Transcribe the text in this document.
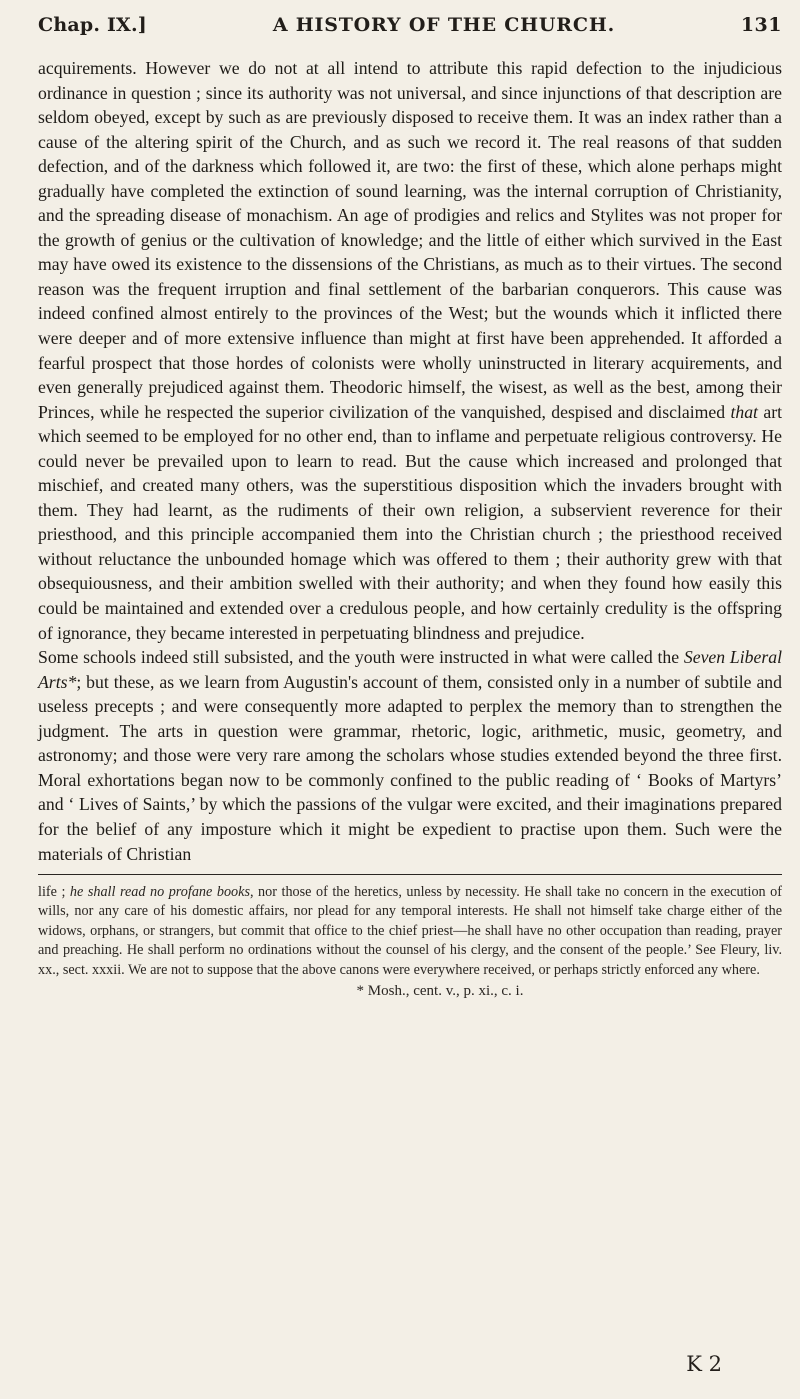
Chap. IX.]	A HISTORY OF THE CHURCH.	131

acquirements. However we do not at all intend to attribute this rapid defection to the injudicious ordinance in question ; since its authority was not universal, and since injunctions of that description are seldom obeyed, except by such as are previously disposed to receive them. It was an index rather than a cause of the altering spirit of the Church, and as such we record it. The real reasons of that sudden defection, and of the darkness which followed it, are two: the first of these, which alone perhaps might gradually have completed the extinction of sound learning, was the internal corruption of Christianity, and the spreading disease of monachism. An age of prodigies and relics and Stylites was not proper for the growth of genius or the cultivation of knowledge; and the little of either which survived in the East may have owed its existence to the dissensions of the Christians, as much as to their virtues. The second reason was the frequent irruption and final settlement of the barbarian conquerors. This cause was indeed confined almost entirely to the provinces of the West; but the wounds which it inflicted there were deeper and of more extensive influence than might at first have been apprehended. It afforded a fearful prospect that those hordes of colonists were wholly uninstructed in literary acquirements, and even generally prejudiced against them. Theodoric himself, the wisest, as well as the best, among their Princes, while he respected the superior civilization of the vanquished, despised and disclaimed that art which seemed to be employed for no other end, than to inflame and perpetuate religious controversy. He could never be prevailed upon to learn to read. But the cause which increased and prolonged that mischief, and created many others, was the superstitious disposition which the invaders brought with them. They had learnt, as the rudiments of their own religion, a subservient reverence for their priesthood, and this principle accompanied them into the Christian church ; the priesthood received without reluctance the unbounded homage which was offered to them ; their authority grew with that obsequiousness, and their ambition swelled with their authority; and when they found how easily this could be maintained and extended over a credulous people, and how certainly credulity is the offspring of ignorance, they became interested in perpetuating blindness and prejudice.

Some schools indeed still subsisted, and the youth were instructed in what were called the Seven Liberal Arts*; but these, as we learn from Augustin's account of them, consisted only in a number of subtile and useless precepts ; and were consequently more adapted to perplex the memory than to strengthen the judgment. The arts in question were grammar, rhetoric, logic, arithmetic, music, geometry, and astronomy; and those were very rare among the scholars whose studies extended beyond the three first. Moral exhortations began now to be commonly confined to the public reading of ‘ Books of Martyrs’ and ‘ Lives of Saints,’ by which the passions of the vulgar were excited, and their imaginations prepared for the belief of any imposture which it might be expedient to practise upon them. Such were the materials of Christian

life ; he shall read no profane books, nor those of the heretics, unless by necessity. He shall take no concern in the execution of wills, nor any care of his domestic affairs, nor plead for any temporal interests. He shall not himself take charge either of the widows, orphans, or strangers, but commit that office to the chief priest—he shall have no other occupation than reading, prayer and preaching. He shall perform no ordinations without the counsel of his clergy, and the consent of the people.’ See Fleury, liv. xx., sect. xxxii. We are not to suppose that the above canons were everywhere received, or perhaps strictly enforced any where.

* Mosh., cent. v., p. xi., c. i.
K 2
